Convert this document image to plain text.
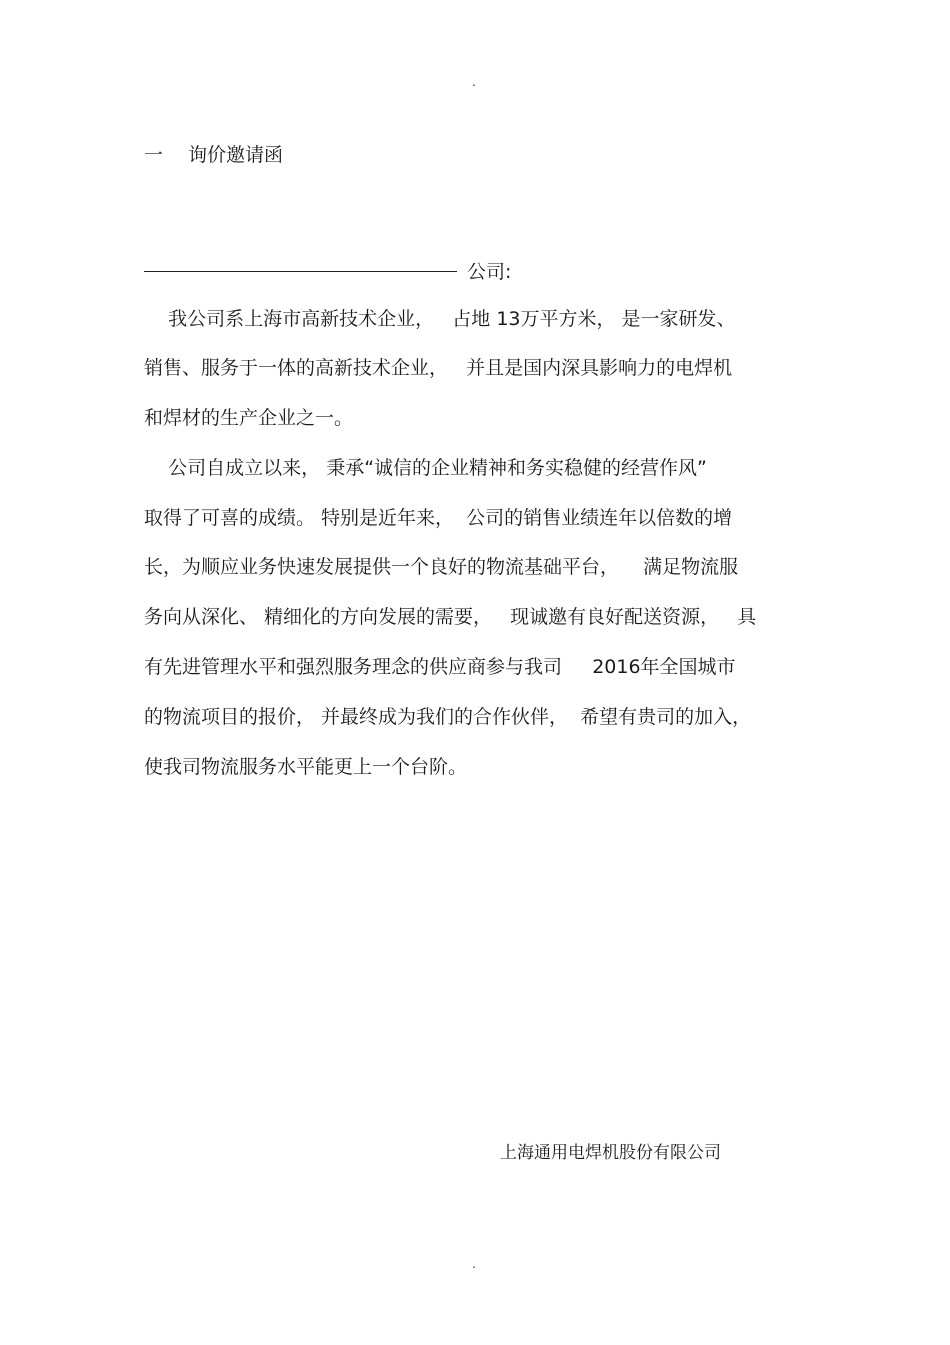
.
一 询价邀请函
公司:
我公司系上海市高新技术企业，   占地 13万平方米， 是一家研发、
销售、服务于一体的高新技术企业，   并且是国内深具影响力的电焊机
和焊材的生产企业之一。
公司自成立以来， 秉承“诚信的企业精神和务实稳健的经营作风”
取得了可喜的成绩。 特别是近年来，  公司的销售业绩连年以倍数的增
长，为顺应业务快速发展提供一个良好的物流基础平台，    满足物流服
务向从深化、 精细化的方向发展的需要，   现诚邀有良好配送资源，   具
有先进管理水平和强烈服务理念的供应商参与我司     2016年全国城市
的物流项目的报价， 并最终成为我们的合作伙伴，  希望有贵司的加入，
使我司物流服务水平能更上一个台阶。
上海通用电焊机股份有限公司
.
